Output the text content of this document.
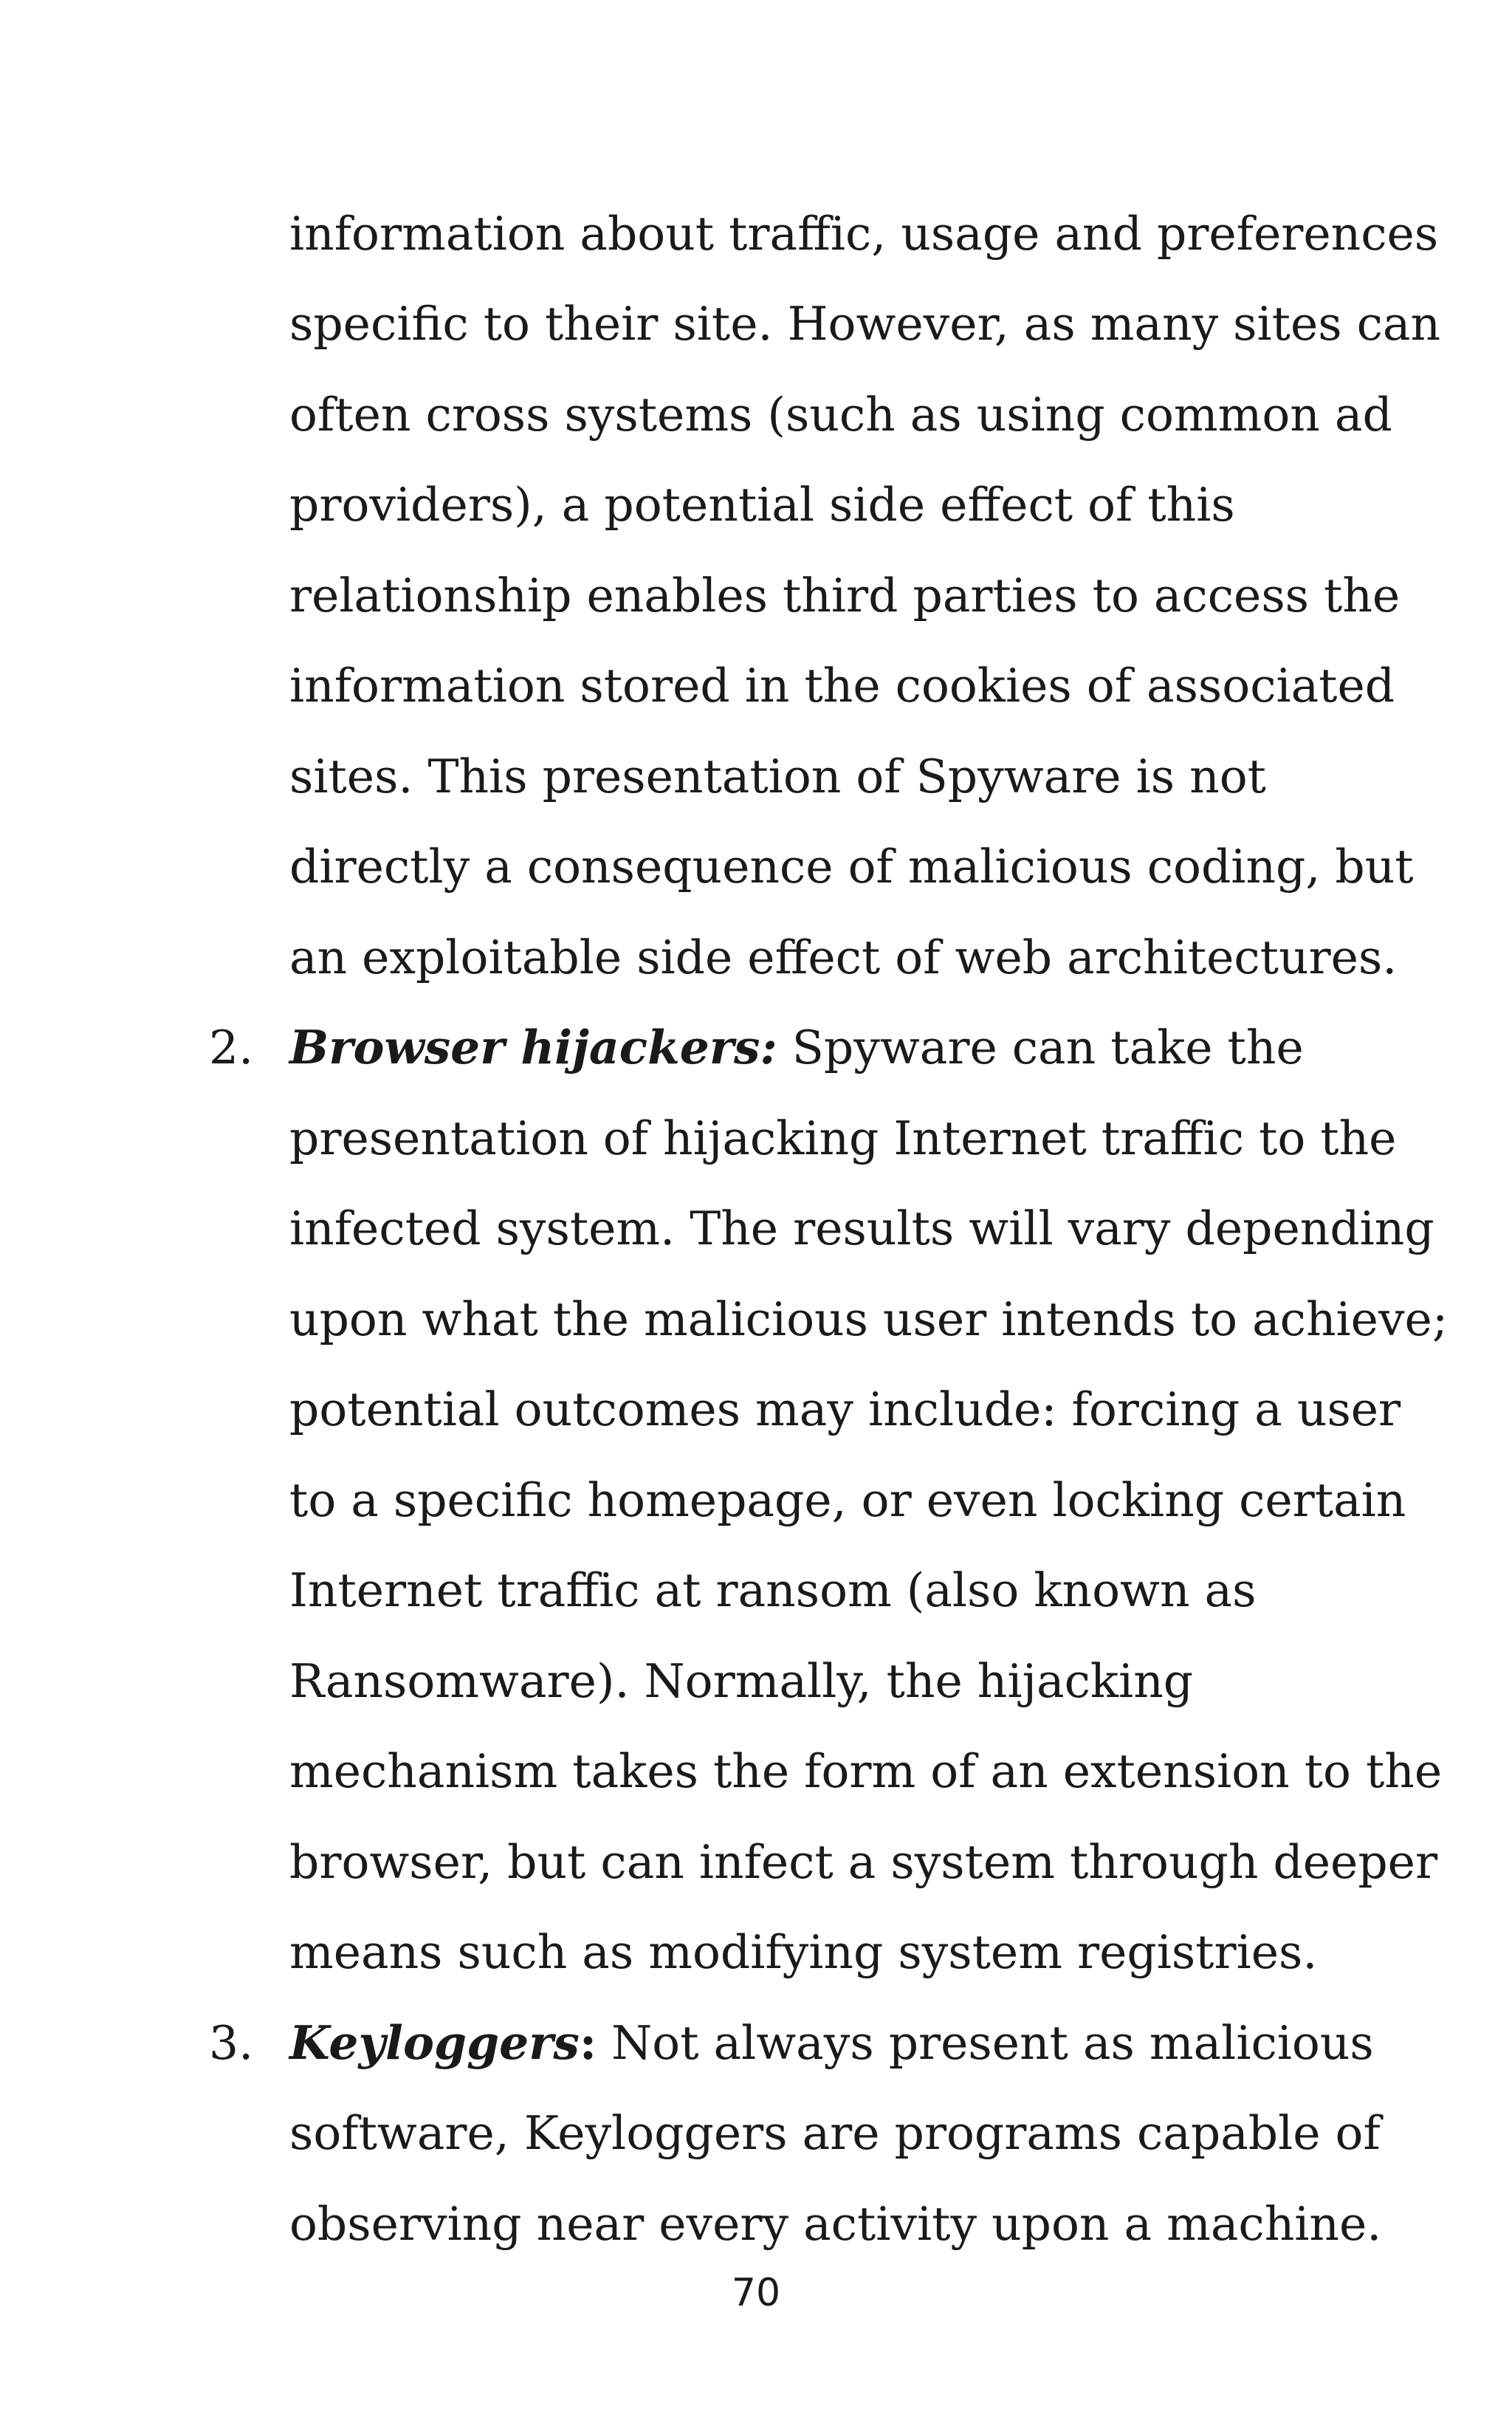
information about traffic, usage and preferences
specific to their site. However, as many sites can
often cross systems (such as using common ad
providers), a potential side effect of this
relationship enables third parties to access the
information stored in the cookies of associated
sites. This presentation of Spyware is not
directly a consequence of malicious coding, but
an exploitable side effect of web architectures.
2. Browser hijackers: Spyware can take the
presentation of hijacking Internet traffic to the
infected system. The results will vary depending
upon what the malicious user intends to achieve;
potential outcomes may include: forcing a user
to a specific homepage, or even locking certain
Internet traffic at ransom (also known as
Ransomware). Normally, the hijacking
mechanism takes the form of an extension to the
browser, but can infect a system through deeper
means such as modifying system registries.
3. Keyloggers: Not always present as malicious
software, Keyloggers are programs capable of
observing near every activity upon a machine.
70
